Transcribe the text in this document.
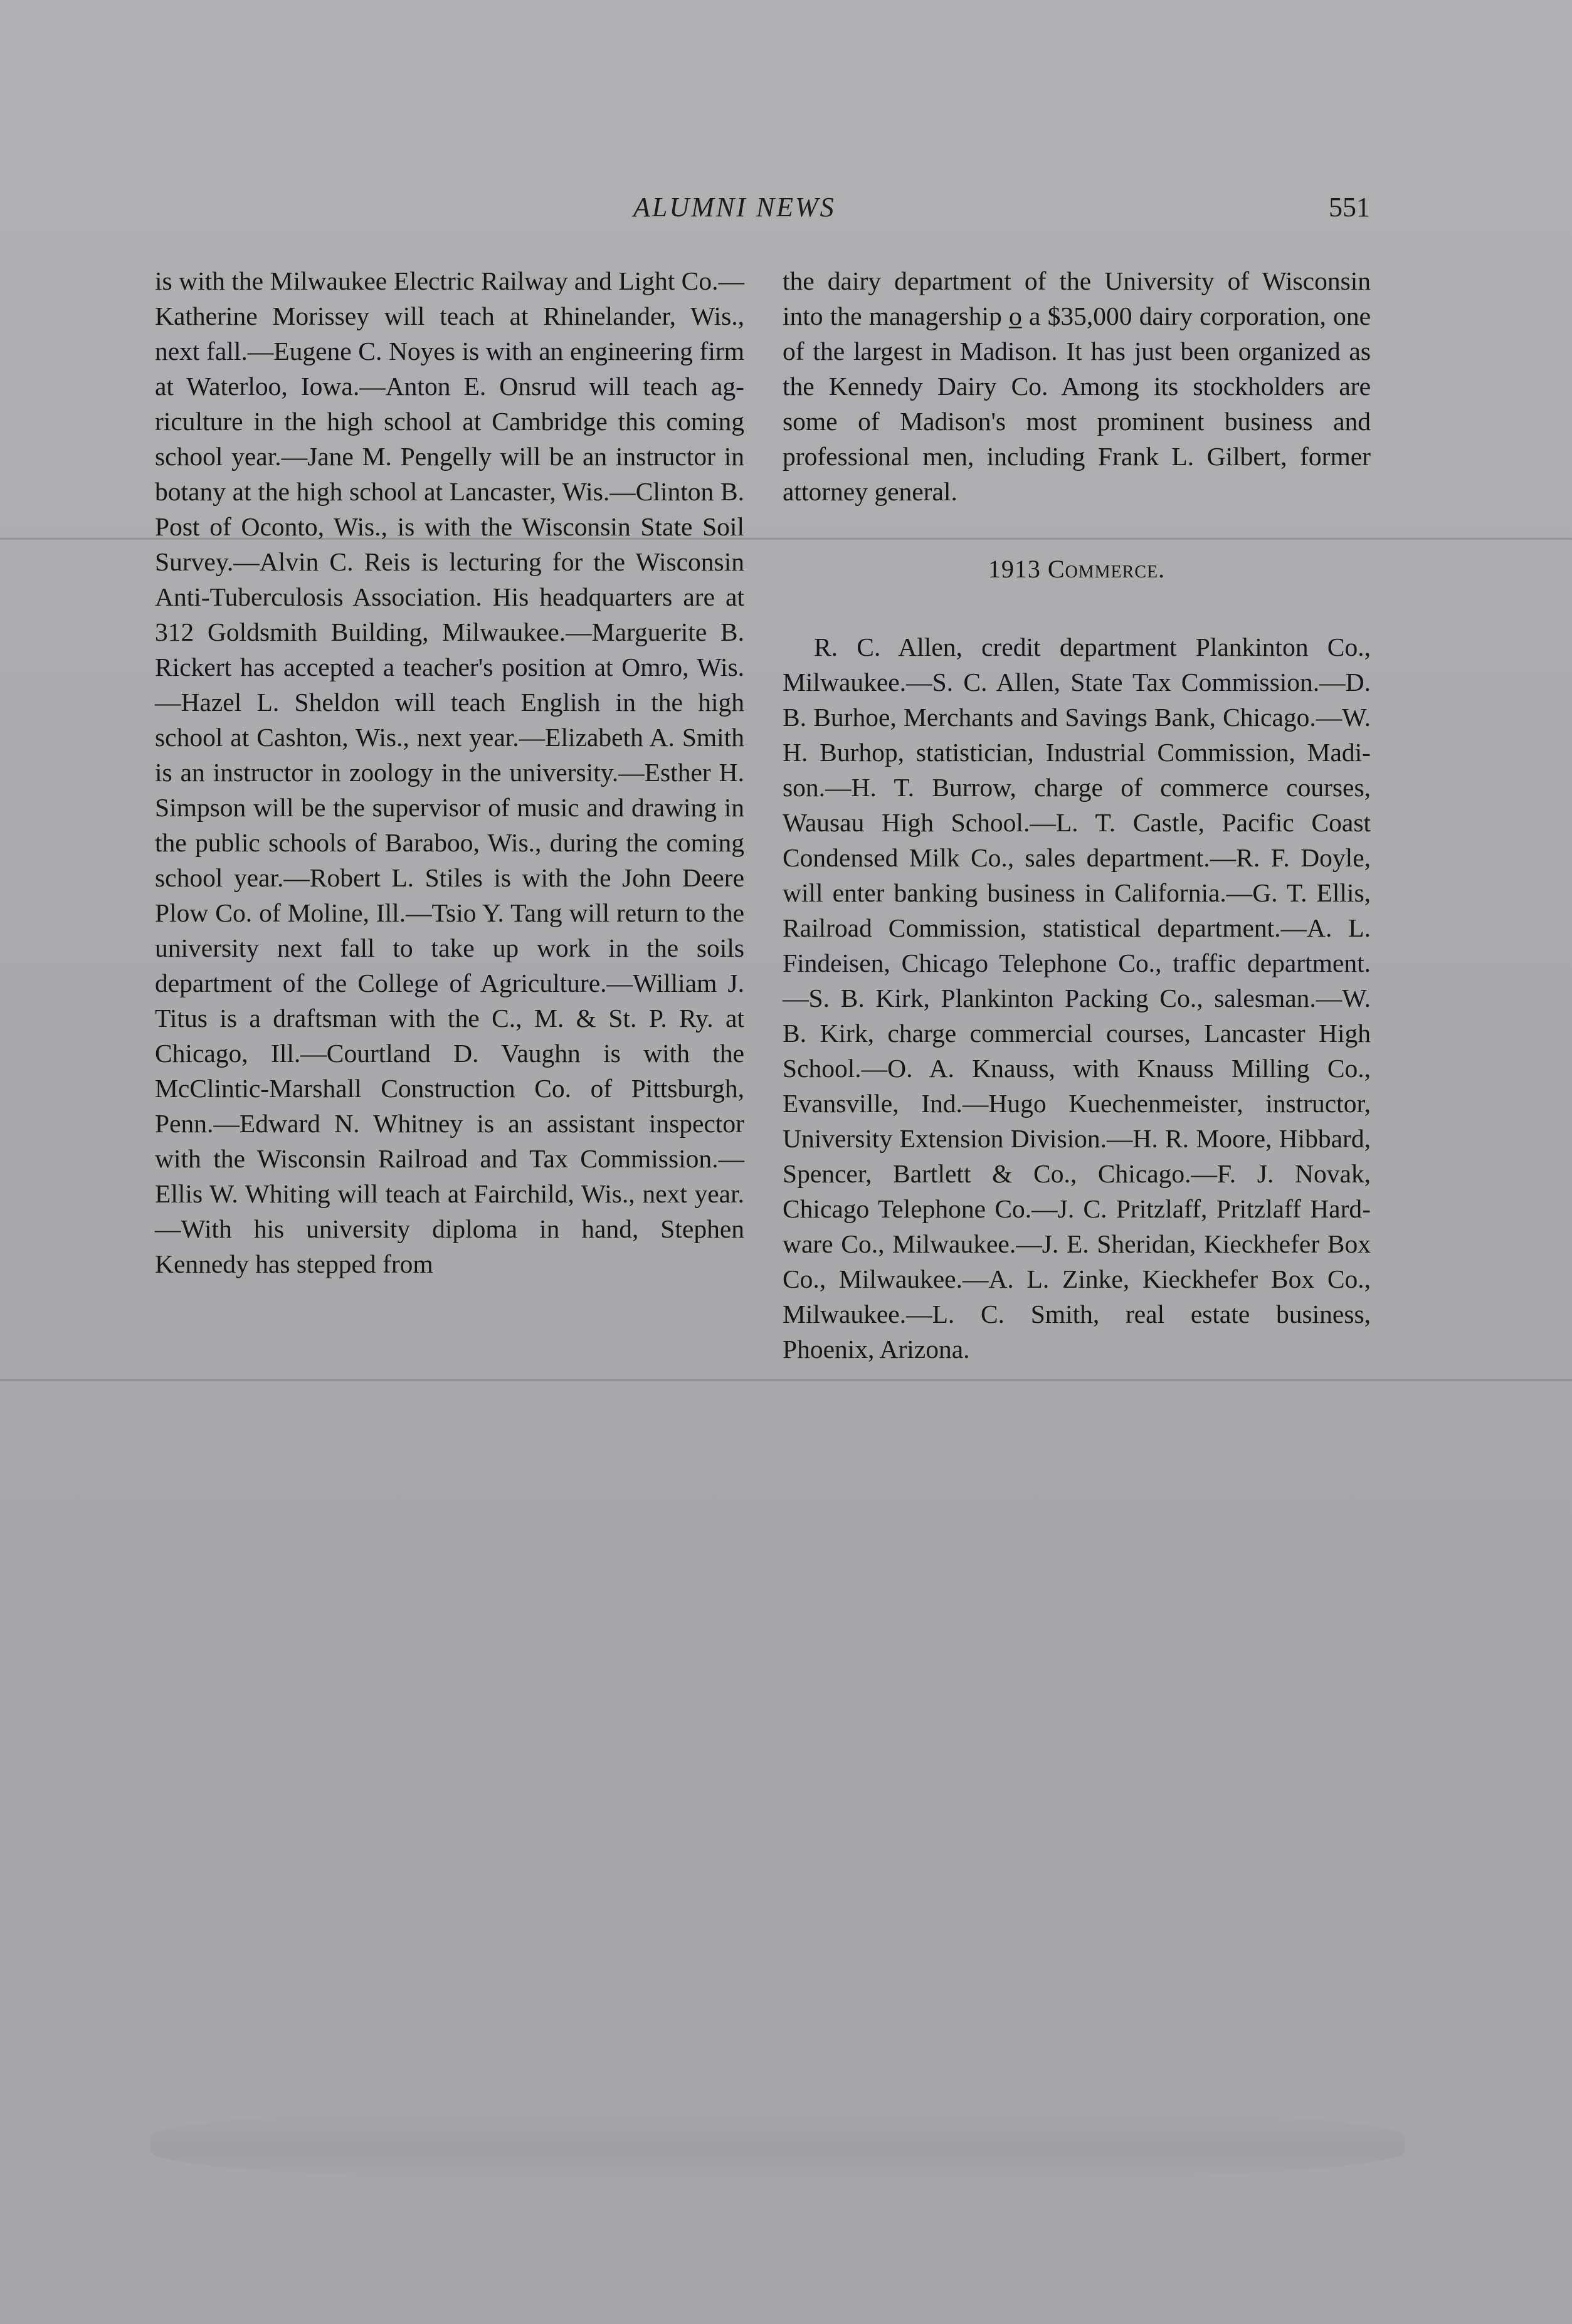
ALUMNI NEWS	551

is with the Milwaukee Electric Railway and Light Co.—Katherine Morissey will teach at Rhinelander, Wis., next fall.—Eugene C. Noyes is with an engineering firm at Waterloo, Iowa.—Anton E. Onsrud will teach agriculture in the high school at Cambridge this coming school year.—Jane M. Pengelly will be an instructor in botany at the high school at Lancaster, Wis.—Clinton B. Post of Oconto, Wis., is with the Wisconsin State Soil Survey.—Alvin C. Reis is lecturing for the Wisconsin Anti-Tuberculosis Association. His headquarters are at 312 Goldsmith Building, Milwaukee.—Marguerite B. Rickert has accepted a teacher's position at Omro, Wis.—Hazel L. Sheldon will teach English in the high school at Cashton, Wis., next year.—Elizabeth A. Smith is an instructor in zoology in the university.—Esther H. Simpson will be the supervisor of music and drawing in the public schools of Baraboo, Wis., during the coming school year.—Robert L. Stiles is with the John Deere Plow Co. of Moline, Ill.—Tsio Y. Tang will return to the university next fall to take up work in the soils department of the College of Agriculture.—William J. Titus is a draftsman with the C., M. & St. P. Ry. at Chicago, Ill.—Courtland D. Vaughn is with the McClintic-Marshall Construction Co. of Pittsburgh, Penn.—Edward N. Whitney is an assistant inspector with the Wisconsin Railroad and Tax Commission.—Ellis W. Whiting will teach at Fairchild, Wis., next year.—With his university diploma in hand, Stephen Kennedy has stepped from

the dairy department of the University of Wisconsin into the managership o̲ a $35,000 dairy corporation, one of the largest in Madison. It has just been organized as the Kennedy Dairy Co. Among its stockholders are some of Madison's most prominent business and professional men, including Frank L. Gilbert, former attorney general.

1913 Commerce.

R. C. Allen, credit department Plankinton Co., Milwaukee.—S. C. Allen, State Tax Commission.—D. B. Burhoe, Merchants and Savings Bank, Chicago.—W. H. Burhop, statistician, Industrial Commission, Madison.—H. T. Burrow, charge of commerce courses, Wausau High School.—L. T. Castle, Pacific Coast Condensed Milk Co., sales department.—R. F. Doyle, will enter banking business in California.—G. T. Ellis, Railroad Commission, statistical department.—A. L. Findeisen, Chicago Telephone Co., traffic department.—S. B. Kirk, Plankinton Packing Co., salesman.—W. B. Kirk, charge commercial courses, Lancaster High School.—O. A. Knauss, with Knauss Milling Co., Evansville, Ind.—Hugo Kuechenmeister, instructor, University Extension Division.—H. R. Moore, Hibbard, Spencer, Bartlett & Co., Chicago.—F. J. Novak, Chicago Telephone Co.—J. C. Pritzlaff, Pritzlaff Hardware Co., Milwaukee.—J. E. Sheridan, Kieckhefer Box Co., Milwaukee.—A. L. Zinke, Kieckhefer Box Co., Milwaukee.—L. C. Smith, real estate business, Phoenix, Arizona.
